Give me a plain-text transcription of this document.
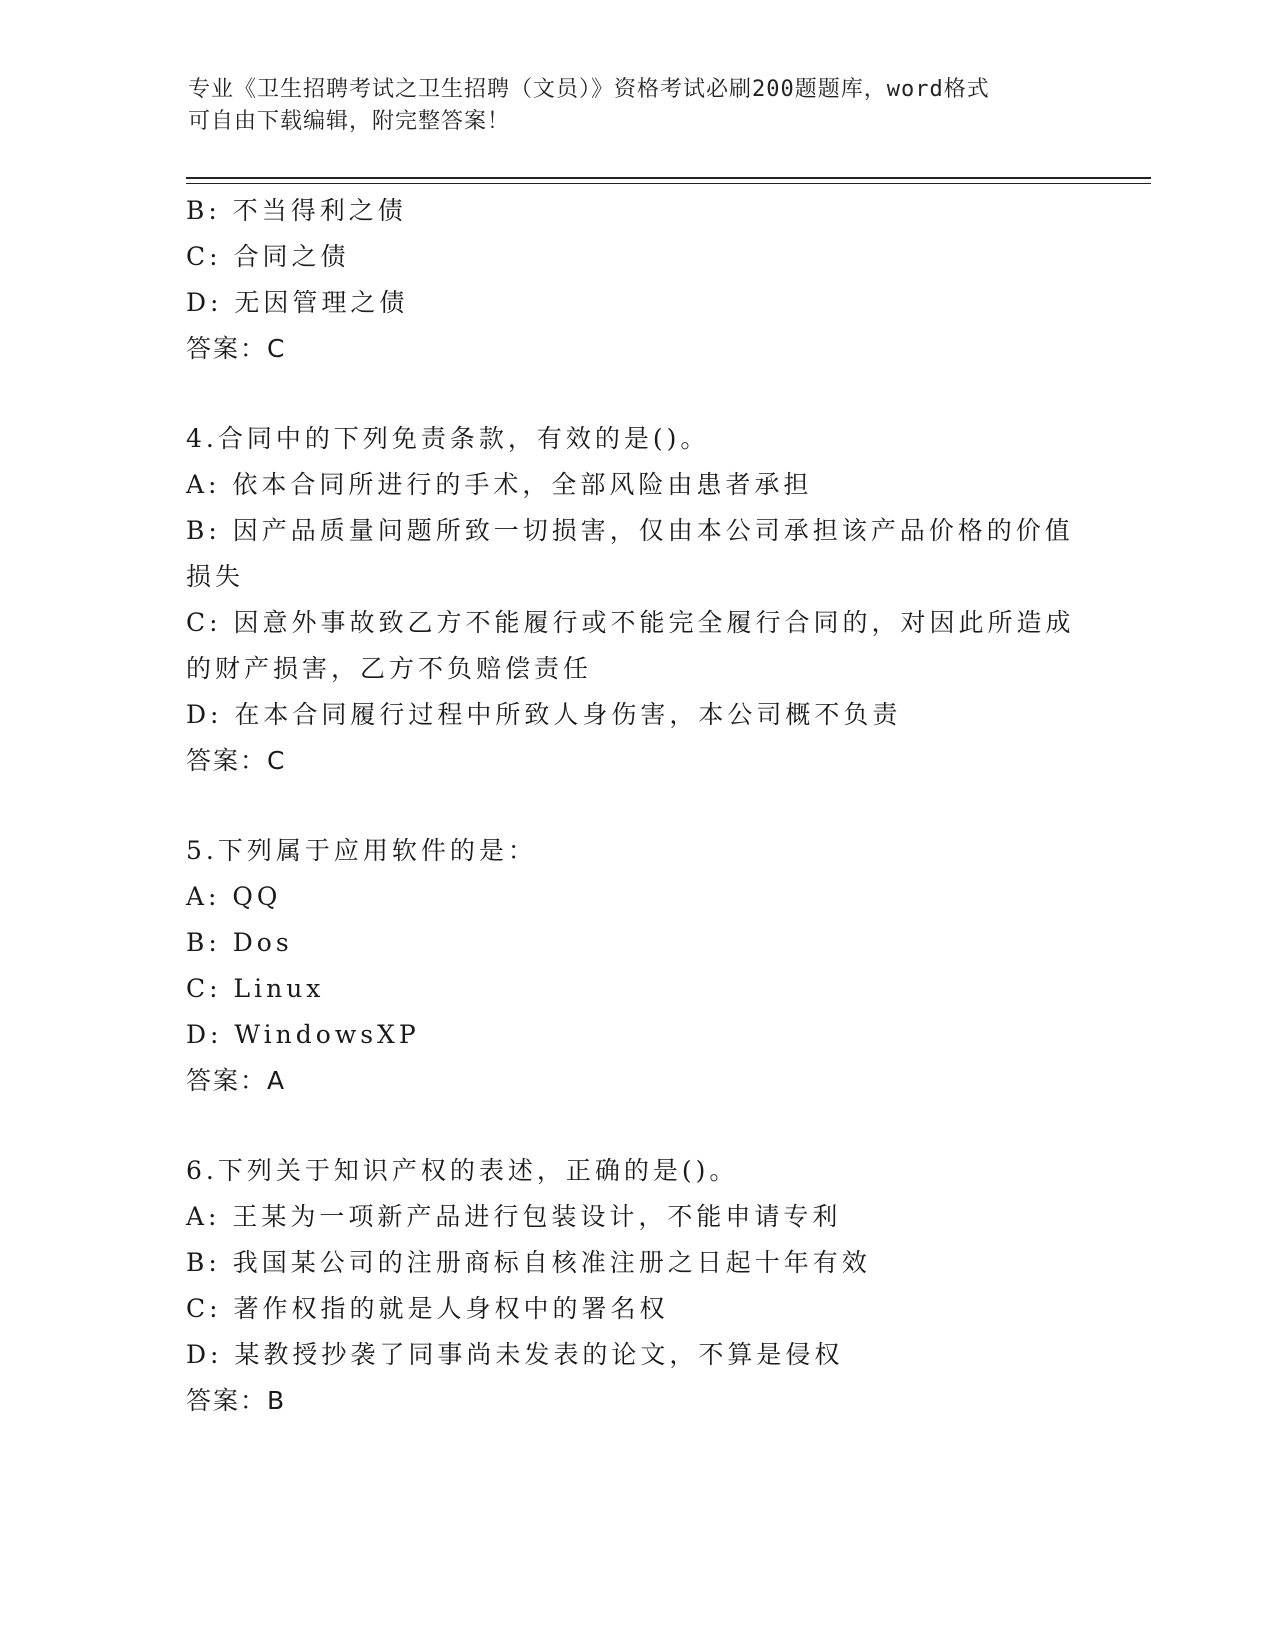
专业《卫生招聘考试之卫生招聘（文员）》资格考试必刷200题题库，word格式
可自由下载编辑，附完整答案！
B: 不当得利之债
C: 合同之债
D: 无因管理之债
答案：C
4.合同中的下列免责条款，有效的是()。
A: 依本合同所进行的手术，全部风险由患者承担
B: 因产品质量问题所致一切损害，仅由本公司承担该产品价格的价值
损失
C: 因意外事故致乙方不能履行或不能完全履行合同的，对因此所造成
的财产损害，乙方不负赔偿责任
D: 在本合同履行过程中所致人身伤害，本公司概不负责
答案：C
5.下列属于应用软件的是：
A: QQ
B: Dos
C: Linux
D: WindowsXP
答案：A
6.下列关于知识产权的表述，正确的是()。
A: 王某为一项新产品进行包装设计，不能申请专利
B: 我国某公司的注册商标自核准注册之日起十年有效
C: 著作权指的就是人身权中的署名权
D: 某教授抄袭了同事尚未发表的论文，不算是侵权
答案：B
